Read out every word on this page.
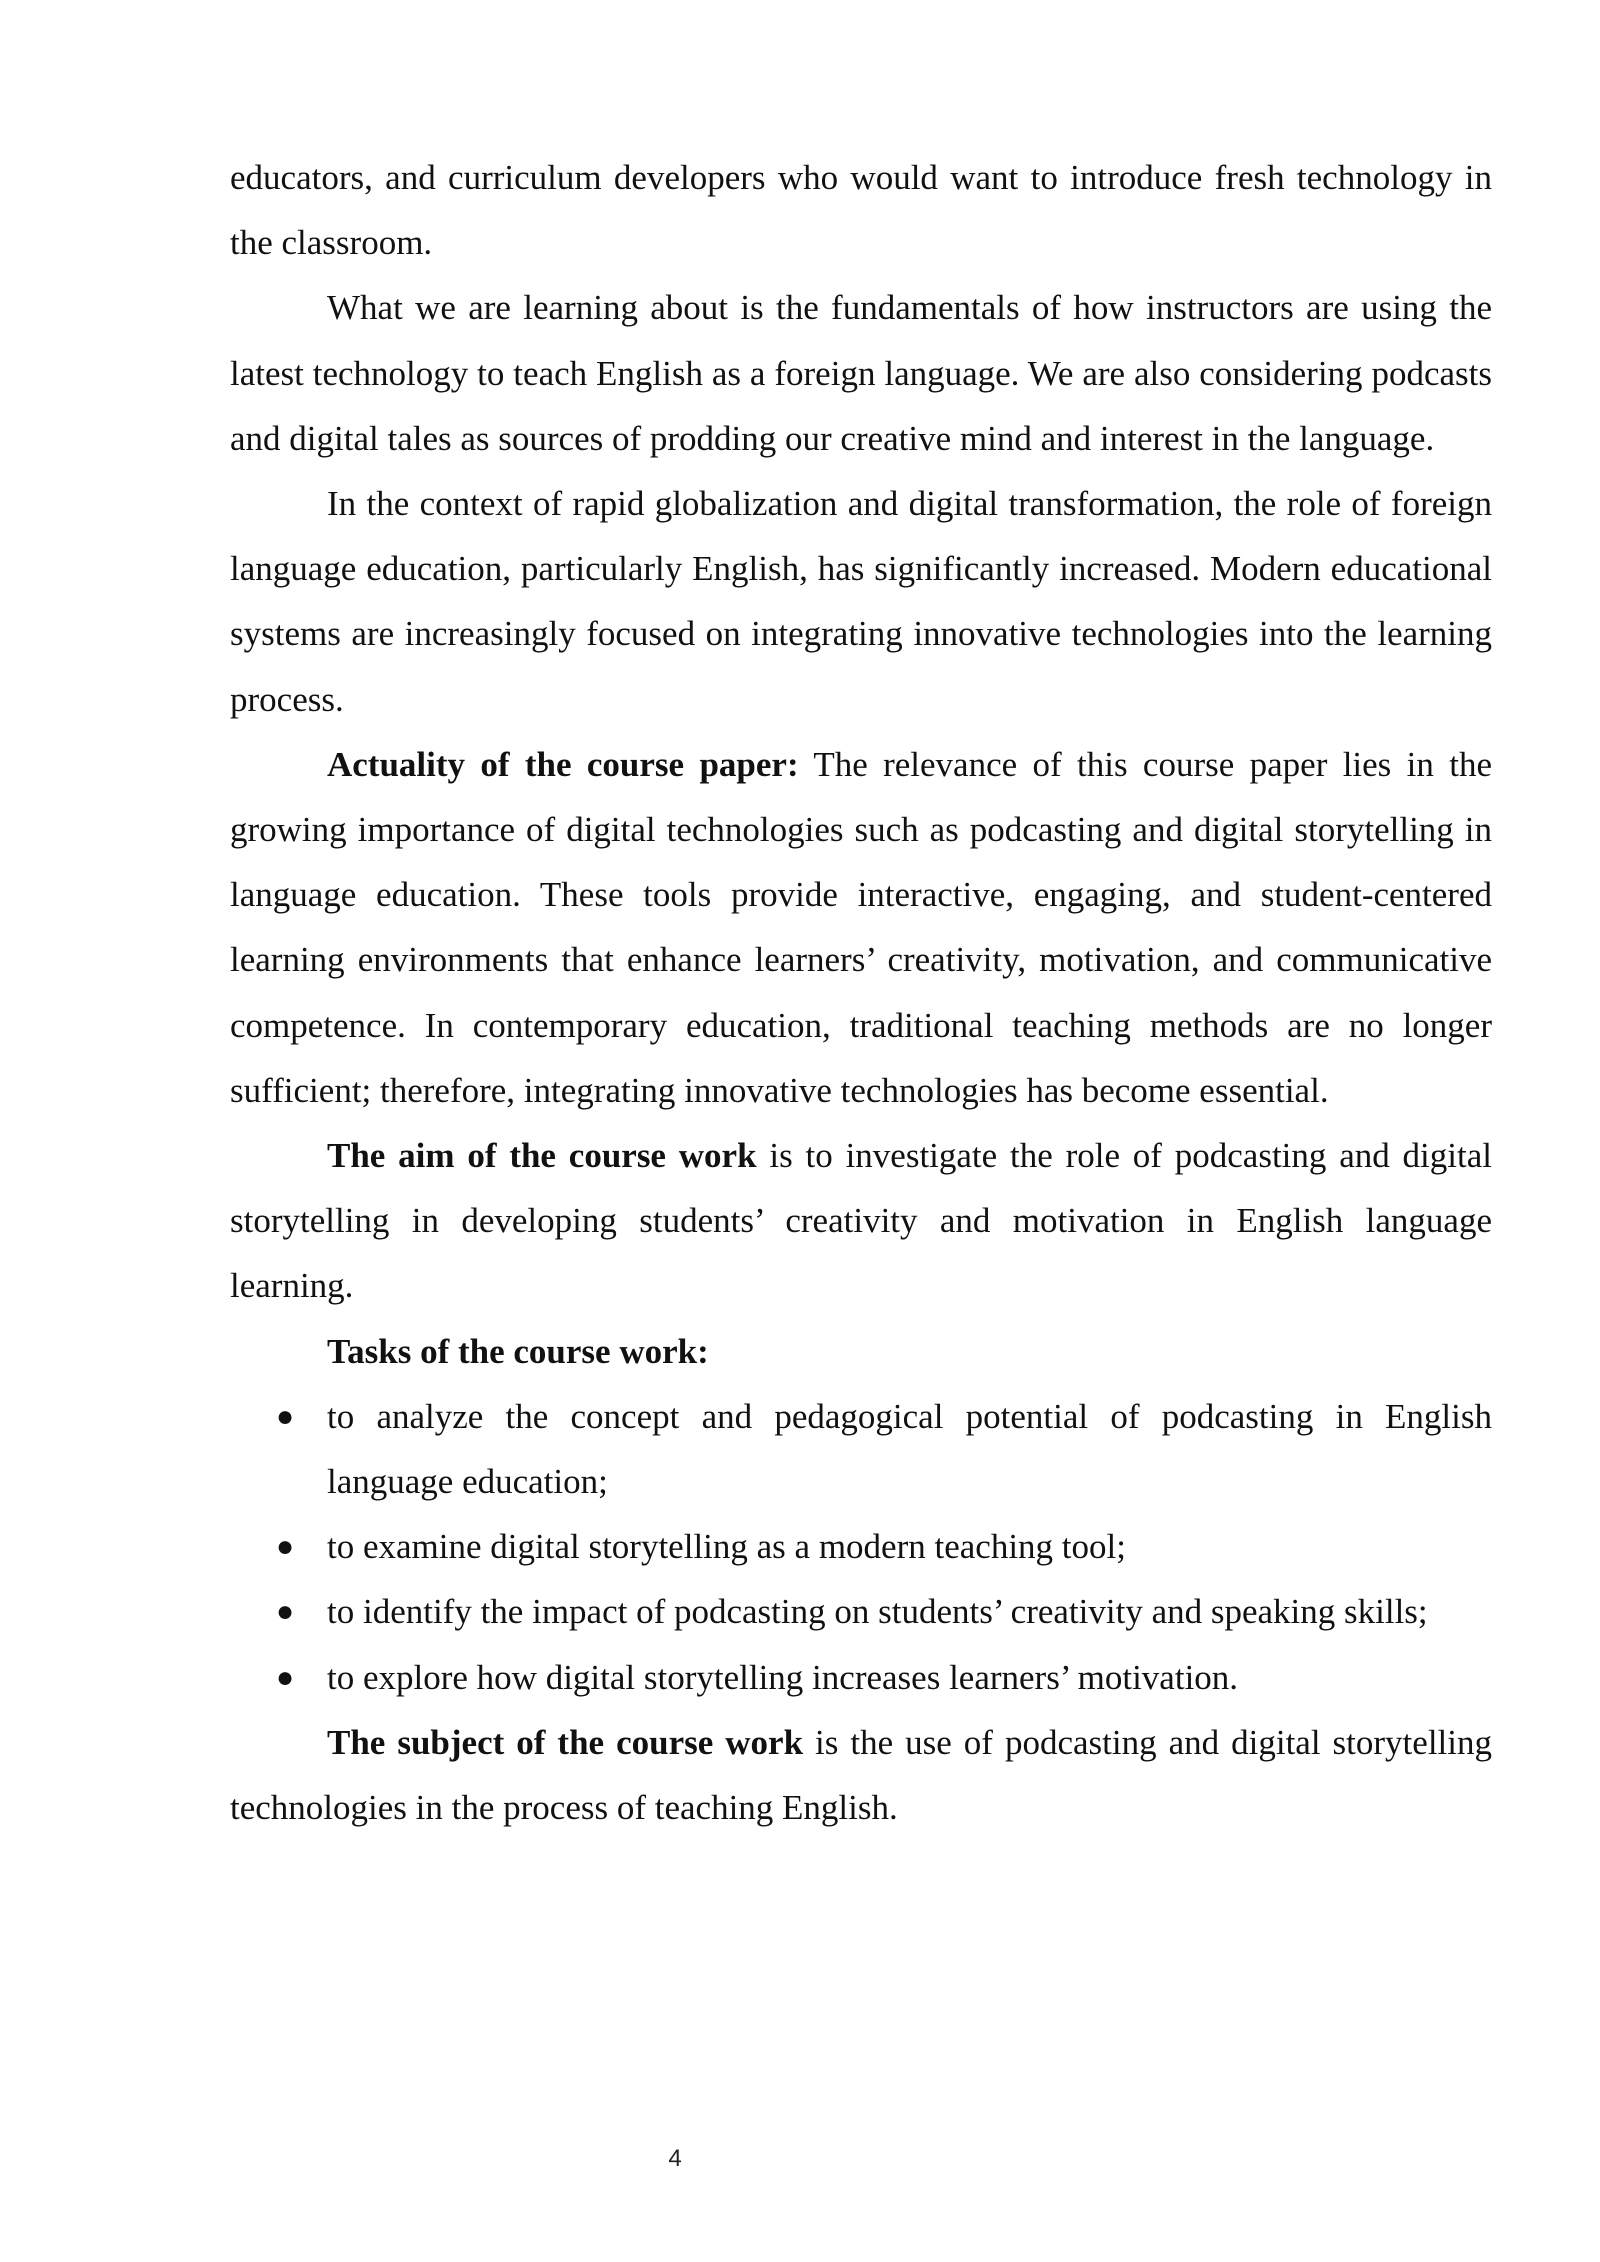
educators, and curriculum developers who would want to introduce fresh technology in the classroom.

What we are learning about is the fundamentals of how instructors are using the latest technology to teach English as a foreign language. We are also considering podcasts and digital tales as sources of prodding our creative mind and interest in the language.

In the context of rapid globalization and digital transformation, the role of foreign language education, particularly English, has significantly increased. Modern educational systems are increasingly focused on integrating innovative technologies into the learning process.

Actuality of the course paper: The relevance of this course paper lies in the growing importance of digital technologies such as podcasting and digital storytelling in language education. These tools provide interactive, engaging, and student-centered learning environments that enhance learners’ creativity, motivation, and communicative competence. In contemporary education, traditional teaching methods are no longer sufficient; therefore, integrating innovative technologies has become essential.

The aim of the course work is to investigate the role of podcasting and digital storytelling in developing students’ creativity and motivation in English language learning.

Tasks of the course work:

● to analyze the concept and pedagogical potential of podcasting in English language education;
● to examine digital storytelling as a modern teaching tool;
● to identify the impact of podcasting on students’ creativity and speaking skills;
● to explore how digital storytelling increases learners’ motivation.

The subject of the course work is the use of podcasting and digital storytelling technologies in the process of teaching English.

4
